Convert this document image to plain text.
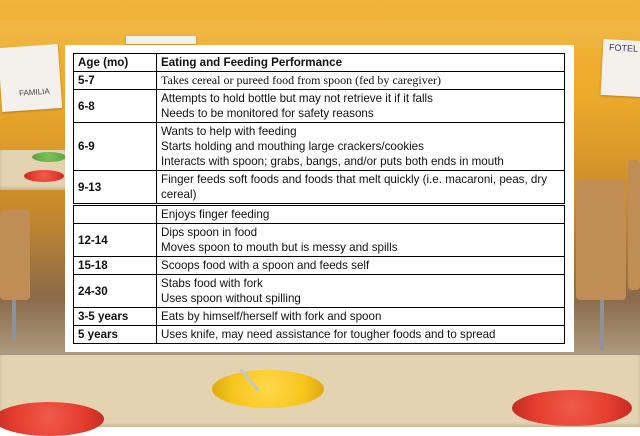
FAMILIA
FOTEL
Age (mo)	Eating and Feeding Performance
5-7	Takes cereal or pureed food from spoon (fed by caregiver)

6-8	Attempts to hold bottle but may not retrieve it if it falls
Needs to be monitored for safety reasons

6-9	Wants to help with feeding
Starts holding and mouthing large crackers/cookies
Interacts with spoon; grabs, bangs, and/or puts both ends in mouth

9-13	Finger feeds soft foods and foods that melt quickly (i.e. macaroni, peas, dry cereal)

	Enjoys finger feeding

12-14	Dips spoon in food
Moves spoon to mouth but is messy and spills

15-18	Scoops food with a spoon and feeds self

24-30	Stabs food with fork
Uses spoon without spilling

3-5 years	Eats by himself/herself with fork and spoon

5 years	Uses knife, may need assistance for tougher foods and to spread
